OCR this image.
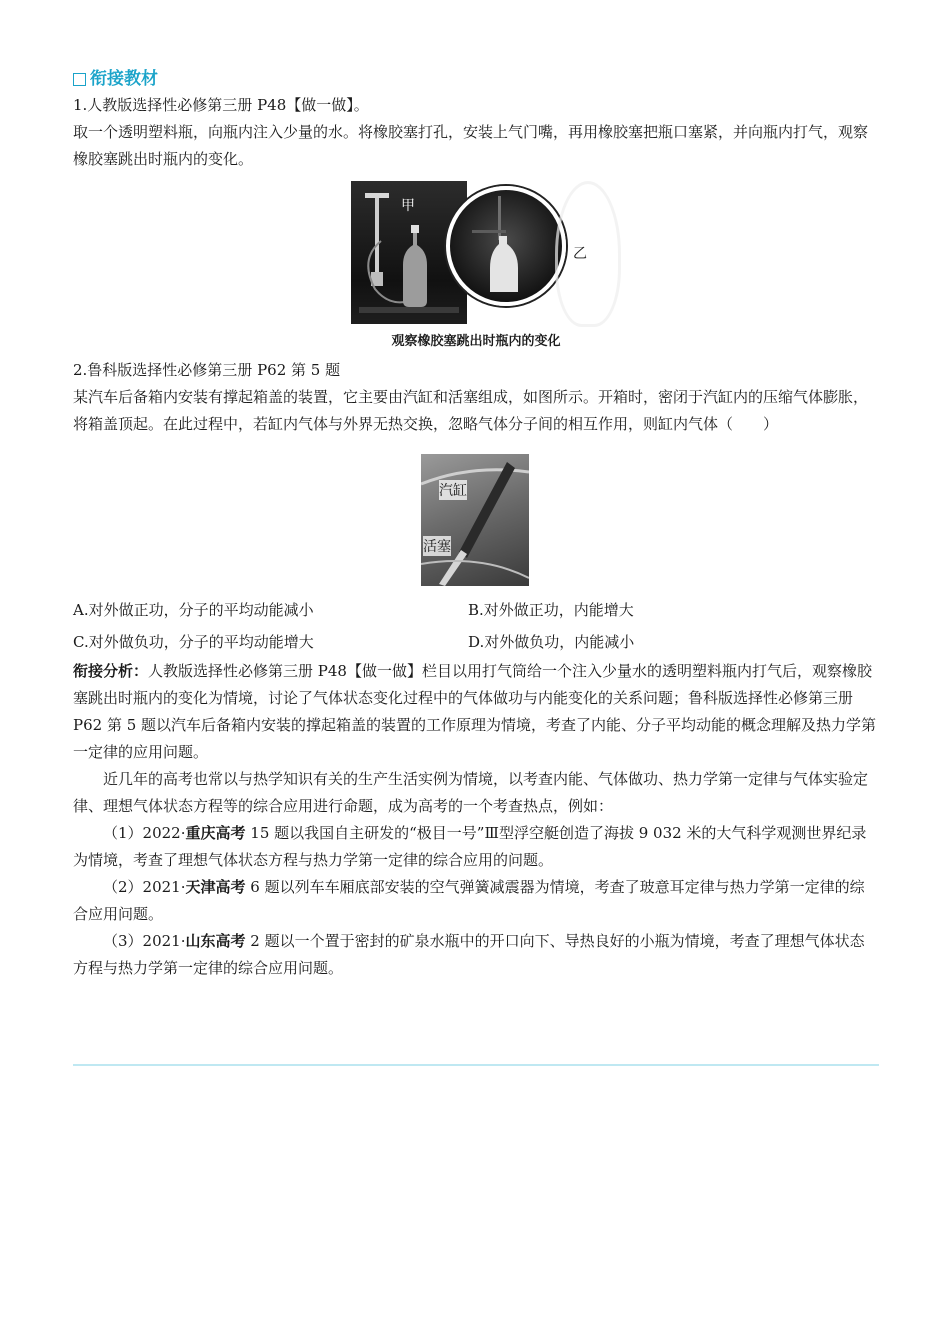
衔接教材

1.人教版选择性必修第三册 P48【做一做】。

取一个透明塑料瓶，向瓶内注入少量的水。将橡胶塞打孔，安装上气门嘴，再用橡胶塞把瓶口塞紧，并向瓶内打气，观察橡胶塞跳出时瓶内的变化。

甲
乙

观察橡胶塞跳出时瓶内的变化

2.鲁科版选择性必修第三册 P62 第 5 题

某汽车后备箱内安装有撑起箱盖的装置，它主要由汽缸和活塞组成，如图所示。开箱时，密闭于汽缸内的压缩气体膨胀，将箱盖顶起。在此过程中，若缸内气体与外界无热交换，忽略气体分子间的相互作用，则缸内气体（　　）

汽缸
活塞
A.对外做正功，分子的平均动能减小	B.对外做正功，内能增大
C.对外做负功，分子的平均动能增大	D.对外做负功，内能减小

衔接分析：人教版选择性必修第三册 P48【做一做】栏目以用打气筒给一个注入少量水的透明塑料瓶内打气后，观察橡胶塞跳出时瓶内的变化为情境，讨论了气体状态变化过程中的气体做功与内能变化的关系问题；鲁科版选择性必修第三册 P62 第 5 题以汽车后备箱内安装的撑起箱盖的装置的工作原理为情境，考查了内能、分子平均动能的概念理解及热力学第一定律的应用问题。

近几年的高考也常以与热学知识有关的生产生活实例为情境，以考查内能、气体做功、热力学第一定律与气体实验定律、理想气体状态方程等的综合应用进行命题，成为高考的一个考查热点，例如：

（1）2022·重庆高考 15 题以我国自主研发的“极目一号”Ⅲ型浮空艇创造了海拔 9 032 米的大气科学观测世界纪录为情境，考查了理想气体状态方程与热力学第一定律的综合应用的问题。

（2）2021·天津高考 6 题以列车车厢底部安装的空气弹簧减震器为情境，考查了玻意耳定律与热力学第一定律的综合应用问题。

（3）2021·山东高考 2 题以一个置于密封的矿泉水瓶中的开口向下、导热良好的小瓶为情境，考查了理想气体状态方程与热力学第一定律的综合应用问题。
